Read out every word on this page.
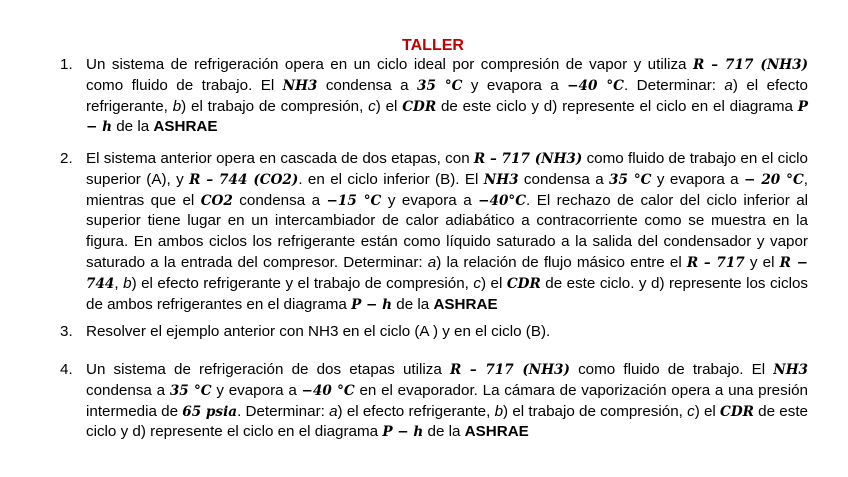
TALLER
1. Un sistema de refrigeración opera en un ciclo ideal por compresión de vapor y utiliza R – 717 (NH3) como fluido de trabajo. El NH3 condensa a 35 °C y evapora a −40 °C. Determinar: a) el efecto refrigerante, b) el trabajo de compresión, c) el CDR de este ciclo y d) represente el ciclo en el diagrama P − h de la ASHRAE
2. El sistema anterior opera en cascada de dos etapas, con R – 717 (NH3) como fluido de trabajo en el ciclo superior (A), y R – 744 (CO2). en el ciclo inferior (B). El NH3 condensa a 35 °C y evapora a − 20 °C, mientras que el CO2 condensa a −15 °C y evapora a −40°C. El rechazo de calor del ciclo inferior al superior tiene lugar en un intercambiador de calor adiabático a contracorriente como se muestra en la figura. En ambos ciclos los refrigerante están como líquido saturado a la salida del condensador y vapor saturado a la entrada del compresor. Determinar: a) la relación de flujo másico entre el R – 717 y el R − 744, b) el efecto refrigerante y el trabajo de compresión, c) el CDR de este ciclo. y d) represente los ciclos de ambos refrigerantes en el diagrama P − h de la ASHRAE
3. Resolver el ejemplo anterior con NH3 en el ciclo (A ) y en el ciclo (B).
4. Un sistema de refrigeración de dos etapas utiliza R – 717 (NH3) como fluido de trabajo. El NH3 condensa a 35 °C y evapora a −40 °C en el evaporador. La cámara de vaporización opera a una presión intermedia de 65 psia. Determinar: a) el efecto refrigerante, b) el trabajo de compresión, c) el CDR de este ciclo y d) represente el ciclo en el diagrama P − h de la ASHRAE
